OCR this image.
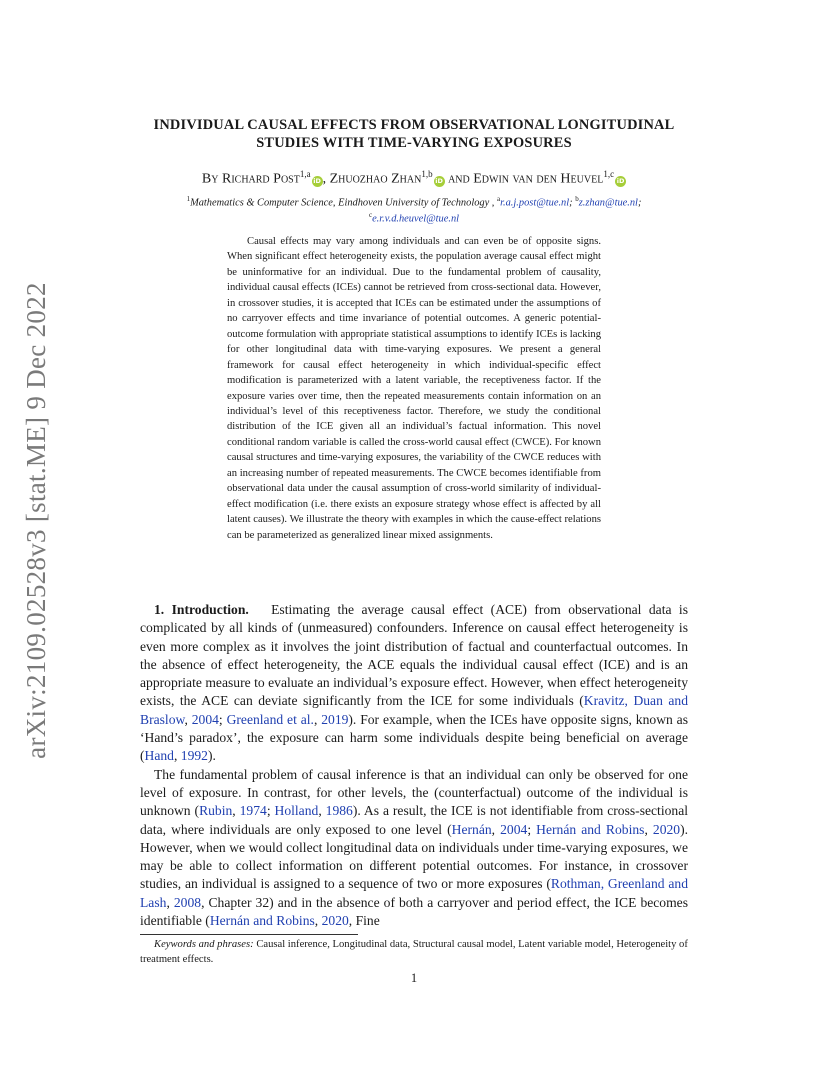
arXiv:2109.02528v3 [stat.ME] 9 Dec 2022
INDIVIDUAL CAUSAL EFFECTS FROM OBSERVATIONAL LONGITUDINAL
STUDIES WITH TIME-VARYING EXPOSURES
By Richard Post$^{1,a}$iD , Zhuozhao Zhan$^{1,b}$iD and Edwin van den Heuvel$^{1,c}$iD
$^1$Mathematics & Computer Science, Eindhoven University of Technology , $^a$r.a.j.post@tue.nl; $^b$z.zhan@tue.nl;
$^c$e.r.v.d.heuvel@tue.nl

Causal effects may vary among individuals and can even be of opposite signs. When significant effect heterogeneity exists, the population average causal effect might be uninformative for an individual. Due to the fundamental problem of causality, individual causal effects (ICEs) cannot be retrieved from cross-sectional data. However, in crossover studies, it is accepted that ICEs can be estimated under the assumptions of no carryover effects and time invariance of potential outcomes. A generic potential-outcome formulation with appropriate statistical assumptions to identify ICEs is lacking for other longitudinal data with time-varying exposures. We present a general framework for causal effect heterogeneity in which individual-specific effect modification is parameterized with a latent variable, the receptiveness factor. If the exposure varies over time, then the repeated measurements contain information on an individual’s level of this receptiveness factor. Therefore, we study the conditional distribution of the ICE given all an individual’s factual information. This novel conditional random variable is called the cross-world causal effect (CWCE). For known causal structures and time-varying exposures, the variability of the CWCE reduces with an increasing number of repeated measurements. The CWCE becomes identifiable from observational data under the causal assumption of cross-world similarity of individual-effect modification (i.e. there exists an exposure strategy whose effect is affected by all latent causes). We illustrate the theory with examples in which the cause-effect relations can be parameterized as generalized linear mixed assignments.

1. Introduction. Estimating the average causal effect (ACE) from observational data is complicated by all kinds of (unmeasured) confounders. Inference on causal effect heterogeneity is even more complex as it involves the joint distribution of factual and counterfactual outcomes. In the absence of effect heterogeneity, the ACE equals the individual causal effect (ICE) and is an appropriate measure to evaluate an individual’s exposure effect. However, when effect heterogeneity exists, the ACE can deviate significantly from the ICE for some individuals (Kravitz, Duan and Braslow, 2004; Greenland et al., 2019). For example, when the ICEs have opposite signs, known as ‘Hand’s paradox’, the exposure can harm some individuals despite being beneficial on average (Hand, 1992).

The fundamental problem of causal inference is that an individual can only be observed for one level of exposure. In contrast, for other levels, the (counterfactual) outcome of the individual is unknown (Rubin, 1974; Holland, 1986). As a result, the ICE is not identifiable from cross-sectional data, where individuals are only exposed to one level (Hernán, 2004; Hernán and Robins, 2020). However, when we would collect longitudinal data on individuals under time-varying exposures, we may be able to collect information on different potential outcomes. For instance, in crossover studies, an individual is assigned to a sequence of two or more exposures (Rothman, Greenland and Lash, 2008, Chapter 32) and in the absence of both a carryover and period effect, the ICE becomes identifiable (Hernán and Robins, 2020, Fine

Keywords and phrases: Causal inference, Longitudinal data, Structural causal model, Latent variable model, Heterogeneity of treatment effects.

1
